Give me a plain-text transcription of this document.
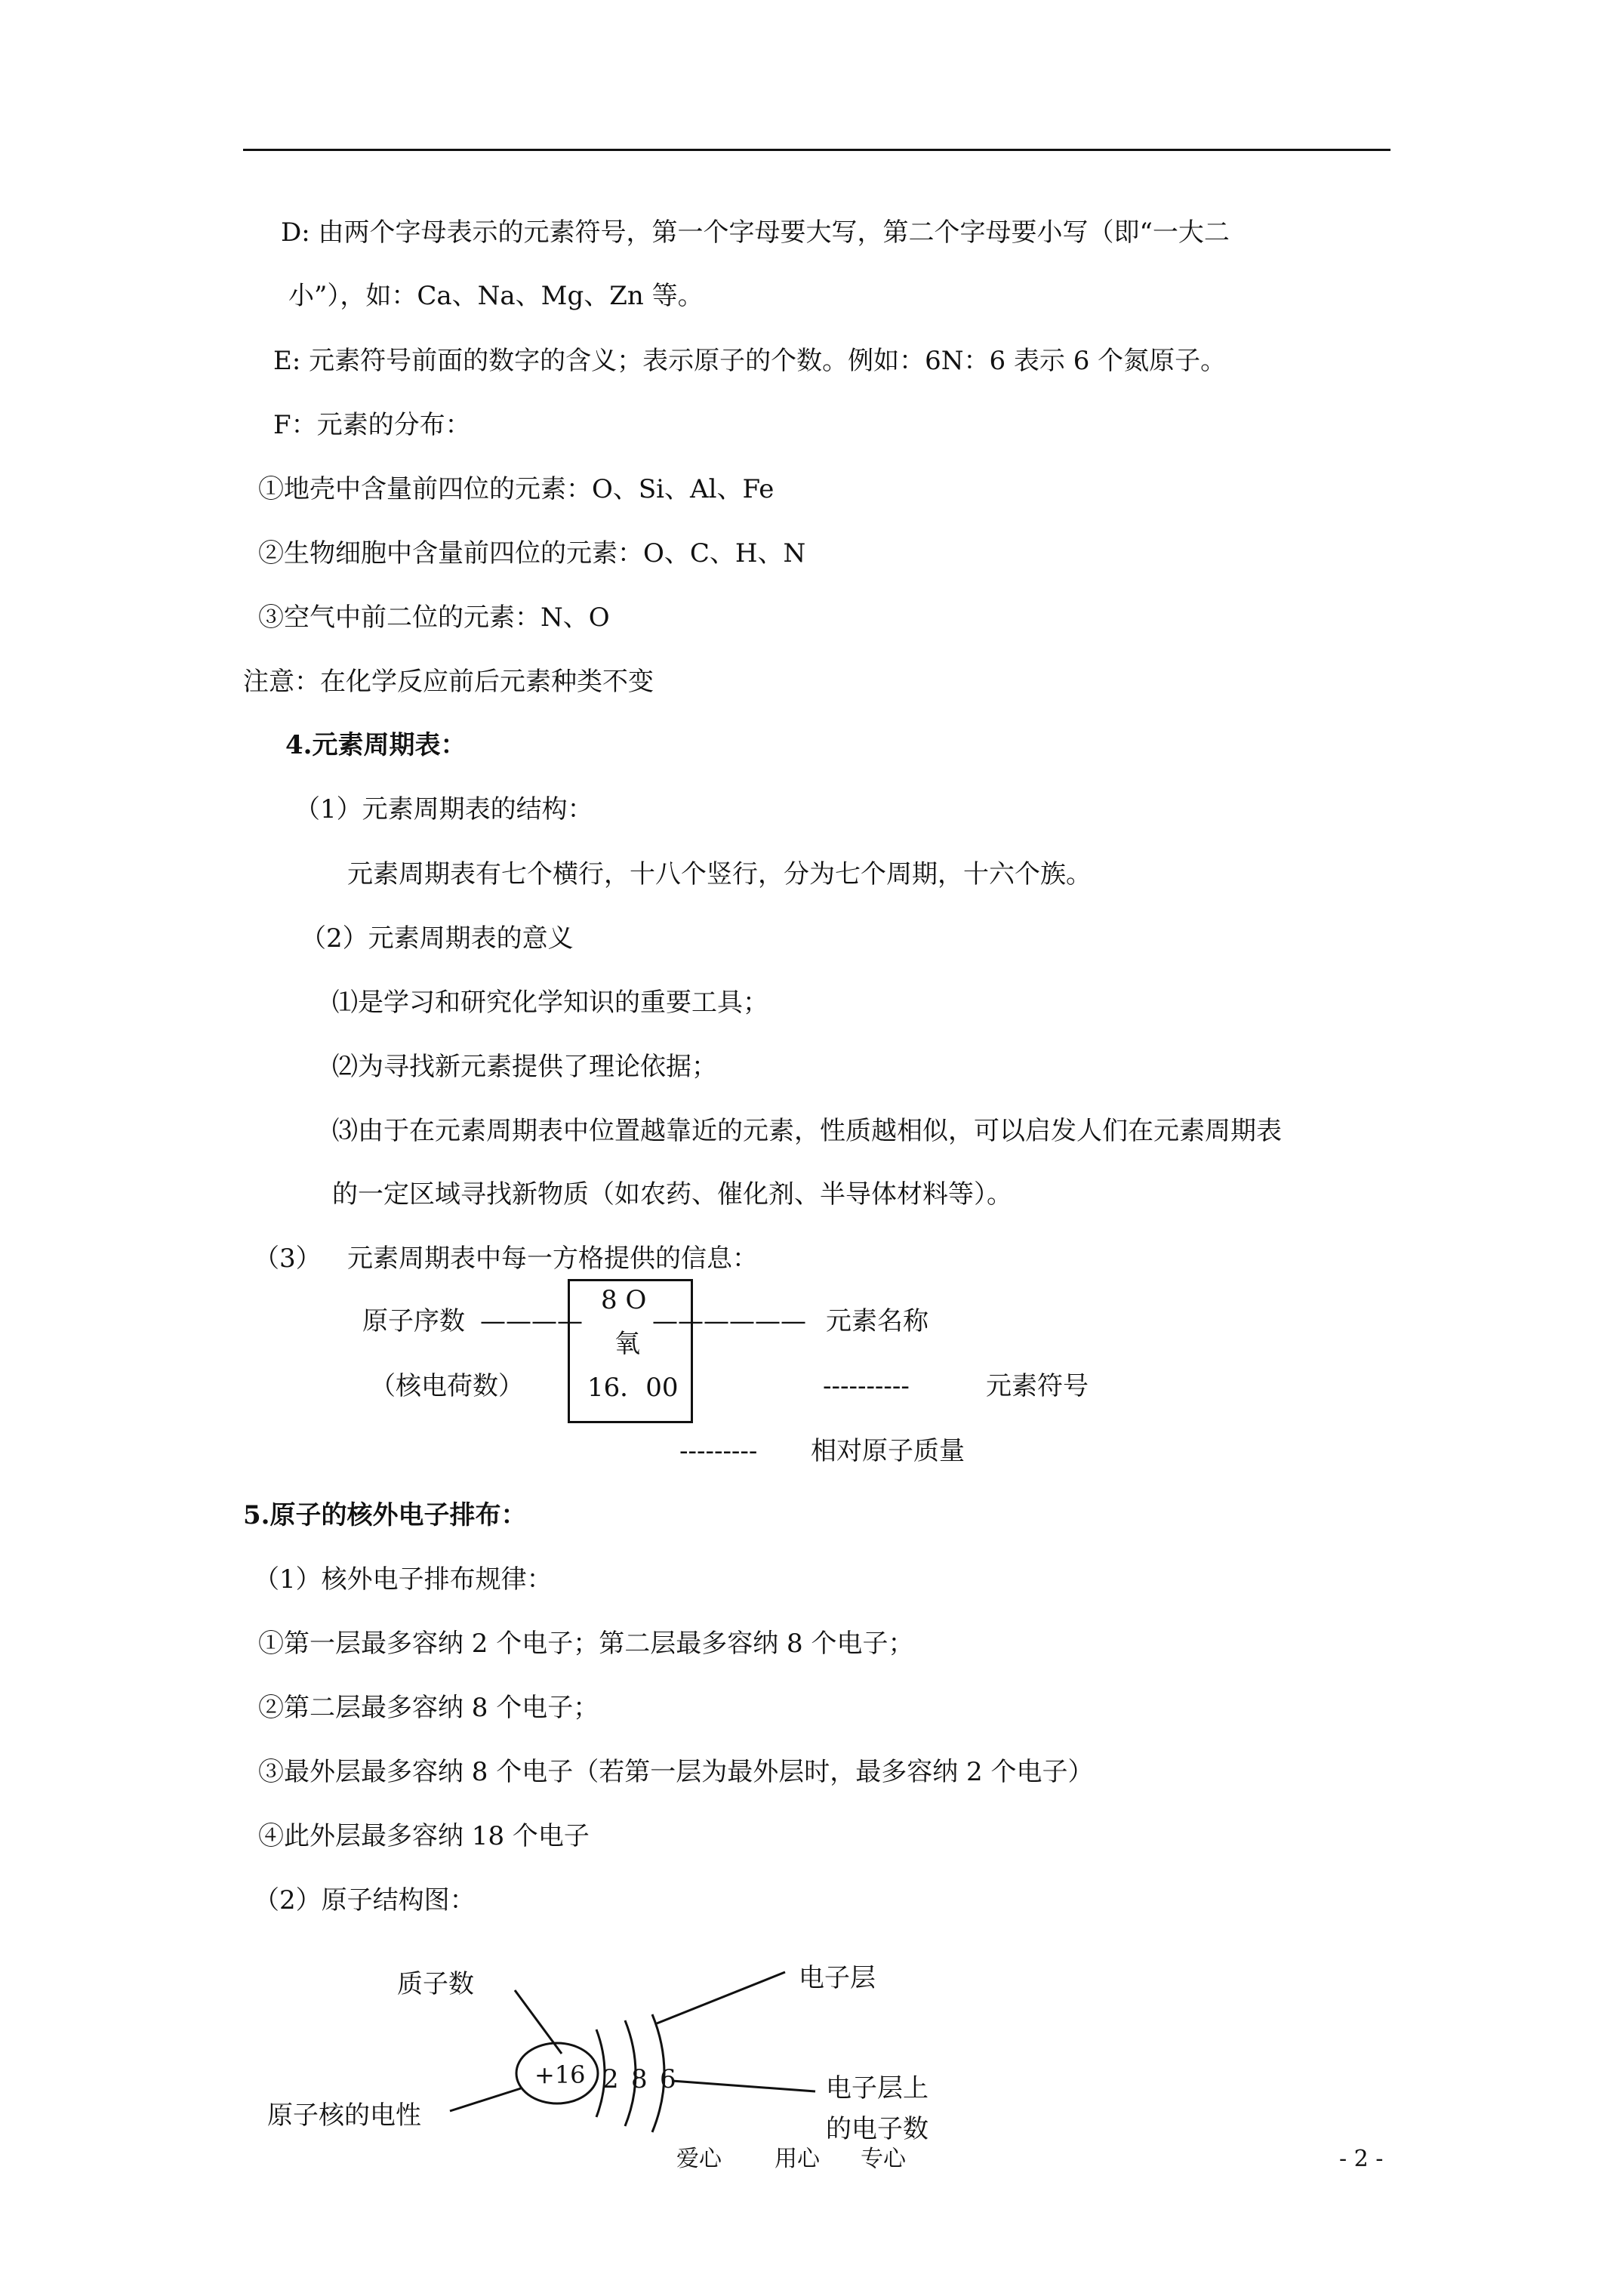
D: 由两个字母表示的元素符号，第一个字母要大写，第二个字母要小写（即“一大二
小”），如：Ca、Na、Mg、Zn 等。
E: 元素符号前面的数字的含义；表示原子的个数。例如：6N：6 表示 6 个氮原子。
F：元素的分布：
①地壳中含量前四位的元素：O、Si、Al、Fe
②生物细胞中含量前四位的元素：O、C、H、N
③空气中前二位的元素：N、O
注意：在化学反应前后元素种类不变
4.元素周期表：
（1）元素周期表的结构：
元素周期表有七个横行，十八个竖行，分为七个周期，十六个族。
（2）元素周期表的意义
⑴是学习和研究化学知识的重要工具；
⑵为寻找新元素提供了理论依据；
⑶由于在元素周期表中位置越靠近的元素，性质越相似，可以启发人们在元素周期表
的一定区域寻找新物质（如农药、催化剂、半导体材料等）。
（3） 元素周期表中每一方格提供的信息：
8 O
氧
16．00
原子序数 ————	—————— 元素名称
（核电荷数）	----------	元素符号
--------- 相对原子质量
5.原子的核外电子排布：
（1）核外电子排布规律：
①第一层最多容纳 2 个电子；第二层最多容纳 8 个电子；
②第二层最多容纳 8 个电子；
③最外层最多容纳 8 个电子（若第一层为最外层时，最多容纳 2 个电子）
④此外层最多容纳 18 个电子
（2）原子结构图：
质子数
+16
电子层
2 8 6	电子层上
的电子数
原子核的电性
爱心 用心 专心	- 2 -
